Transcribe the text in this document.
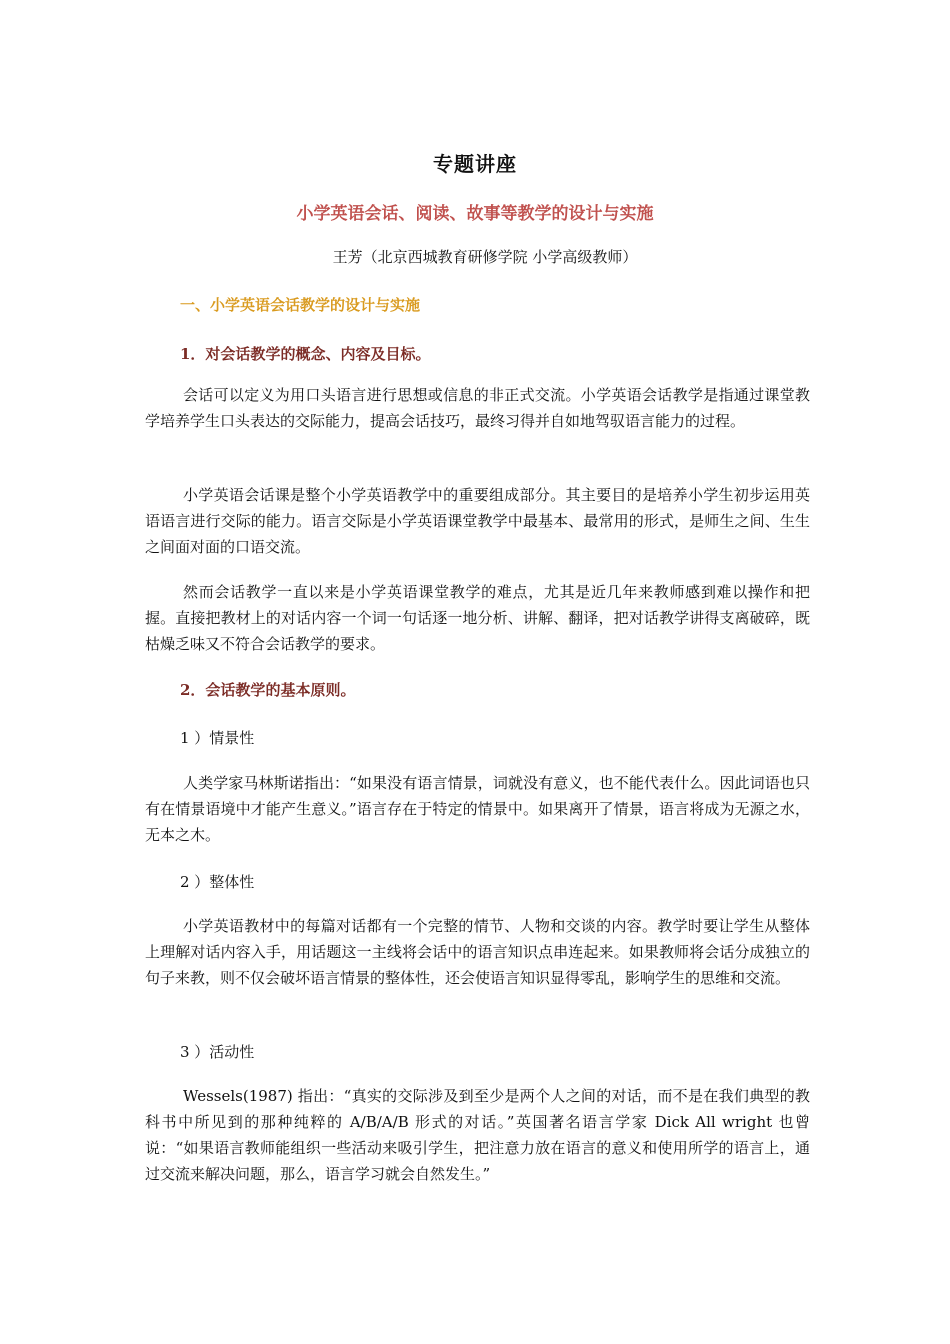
专题讲座
小学英语会话、阅读、故事等教学的设计与实施
王芳（北京西城教育研修学院 小学高级教师）
一、小学英语会话教学的设计与实施
1．对会话教学的概念、内容及目标。

会话可以定义为用口头语言进行思想或信息的非正式交流。小学英语会话教学是指通过课堂教学培养学生口头表达的交际能力，提高会话技巧，最终习得并自如地驾驭语言能力的过程。

小学英语会话课是整个小学英语教学中的重要组成部分。其主要目的是培养小学生初步运用英语语言进行交际的能力。语言交际是小学英语课堂教学中最基本、最常用的形式，是师生之间、生生之间面对面的口语交流。

然而会话教学一直以来是小学英语课堂教学的难点，尤其是近几年来教师感到难以操作和把握。直接把教材上的对话内容一个词一句话逐一地分析、讲解、翻译，把对话教学讲得支离破碎，既枯燥乏味又不符合会话教学的要求。

2．会话教学的基本原则。
1 ）情景性

人类学家马林斯诺指出：“如果没有语言情景，词就没有意义，也不能代表什么。因此词语也只有在情景语境中才能产生意义。”语言存在于特定的情景中。如果离开了情景，语言将成为无源之水，无本之木。

2 ）整体性

小学英语教材中的每篇对话都有一个完整的情节、人物和交谈的内容。教学时要让学生从整体上理解对话内容入手，用话题这一主线将会话中的语言知识点串连起来。如果教师将会话分成独立的句子来教，则不仅会破坏语言情景的整体性，还会使语言知识显得零乱，影响学生的思维和交流。

3 ）活动性

Wessels(1987) 指出：“真实的交际涉及到至少是两个人之间的对话，而不是在我们典型的教科书中所见到的那种纯粹的 A/B/A/B 形式的对话。”英国著名语言学家 Dick All wright 也曾说：“如果语言教师能组织一些活动来吸引学生，把注意力放在语言的意义和使用所学的语言上，通过交流来解决问题，那么，语言学习就会自然发生。”
